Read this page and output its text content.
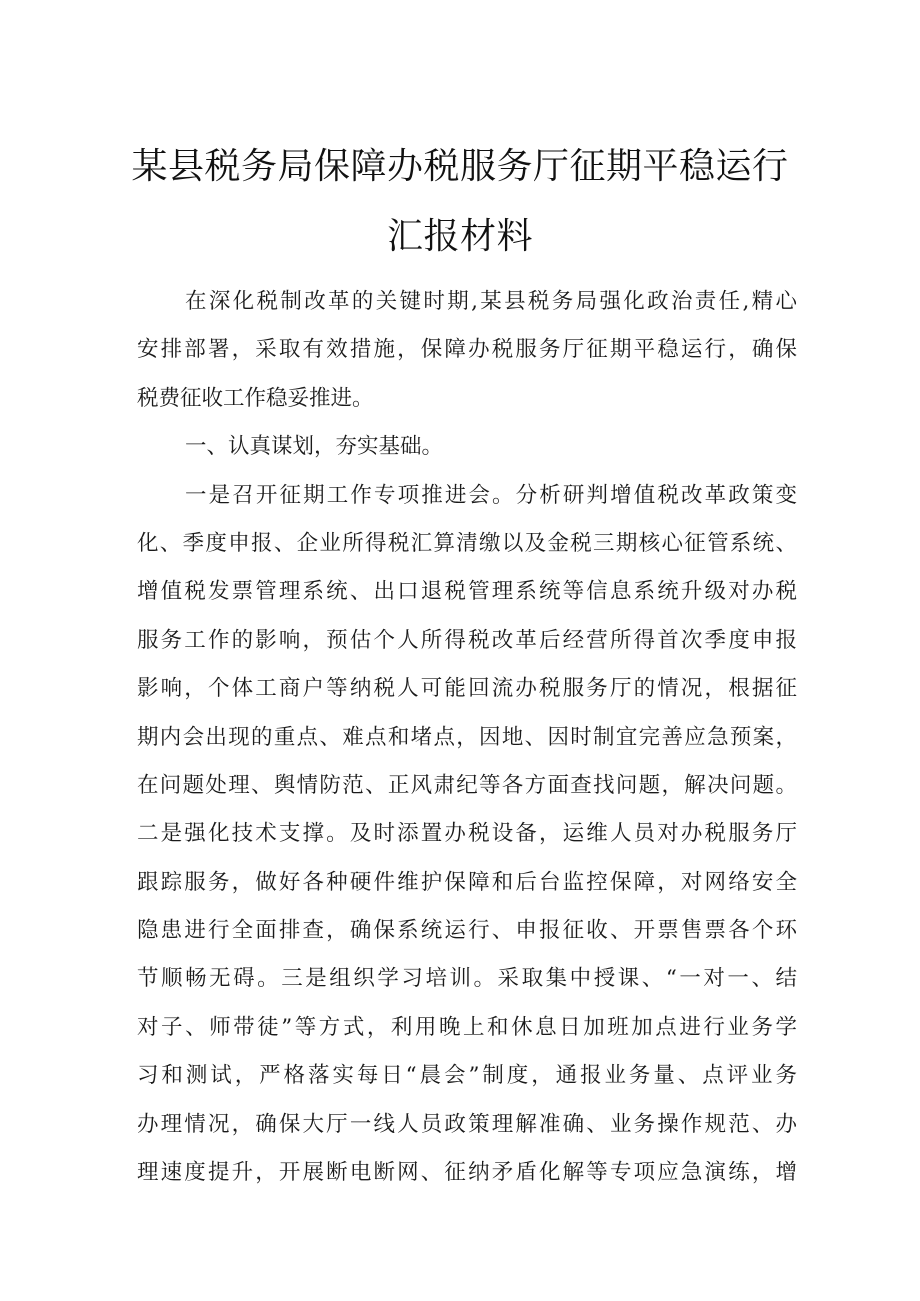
某县税务局保障办税服务厅征期平稳运行
汇报材料
在深化税制改革的关键时期,某县税务局强化政治责任,精心
安排部署，采取有效措施，保障办税服务厅征期平稳运行，确保
税费征收工作稳妥推进。
一、认真谋划，夯实基础。
一是召开征期工作专项推进会。分析研判增值税改革政策变
化、季度申报、企业所得税汇算清缴以及金税三期核心征管系统、
增值税发票管理系统、出口退税管理系统等信息系统升级对办税
服务工作的影响，预估个人所得税改革后经营所得首次季度申报
影响，个体工商户等纳税人可能回流办税服务厅的情况，根据征
期内会出现的重点、难点和堵点，因地、因时制宜完善应急预案，
在问题处理、舆情防范、正风肃纪等各方面查找问题，解决问题。
二是强化技术支撑。及时添置办税设备，运维人员对办税服务厅
跟踪服务，做好各种硬件维护保障和后台监控保障，对网络安全
隐患进行全面排查，确保系统运行、申报征收、开票售票各个环
节顺畅无碍。三是组织学习培训。采取集中授课、“一对一、结
对子、师带徒”等方式，利用晚上和休息日加班加点进行业务学
习和测试，严格落实每日“晨会”制度，通报业务量、点评业务
办理情况，确保大厅一线人员政策理解准确、业务操作规范、办
理速度提升，开展断电断网、征纳矛盾化解等专项应急演练，增
